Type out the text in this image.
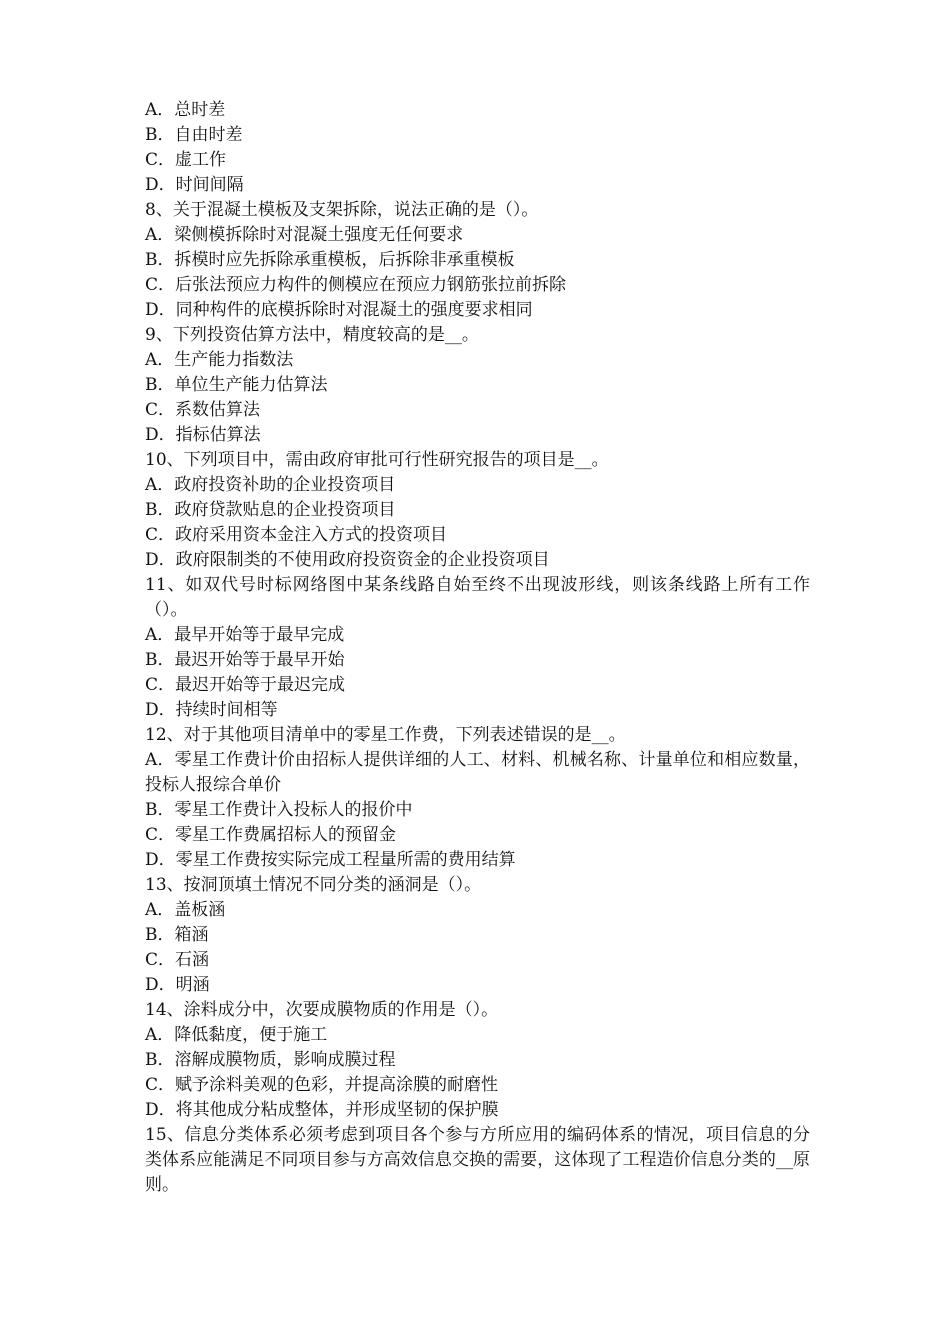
A．总时差

B．自由时差

C．虚工作

D．时间间隔

8、关于混凝土模板及支架拆除，说法正确的是（）。

A．梁侧模拆除时对混凝土强度无任何要求

B．拆模时应先拆除承重模板，后拆除非承重模板

C．后张法预应力构件的侧模应在预应力钢筋张拉前拆除

D．同种构件的底模拆除时对混凝土的强度要求相同

9、下列投资估算方法中，精度较高的是__。

A．生产能力指数法

B．单位生产能力估算法

C．系数估算法

D．指标估算法

10、下列项目中，需由政府审批可行性研究报告的项目是__。

A．政府投资补助的企业投资项目

B．政府贷款贴息的企业投资项目

C．政府采用资本金注入方式的投资项目

D．政府限制类的不使用政府投资资金的企业投资项目

11、如双代号时标网络图中某条线路自始至终不出现波形线，则该条线路上所有工作（）。

A．最早开始等于最早完成

B．最迟开始等于最早开始

C．最迟开始等于最迟完成

D．持续时间相等

12、对于其他项目清单中的零星工作费，下列表述错误的是__。

A．零星工作费计价由招标人提供详细的人工、材料、机械名称、计量单位和相应数量，投标人报综合单价

B．零星工作费计入投标人的报价中

C．零星工作费属招标人的预留金

D．零星工作费按实际完成工程量所需的费用结算

13、按洞顶填土情况不同分类的涵洞是（）。

A．盖板涵

B．箱涵

C．石涵

D．明涵

14、涂料成分中，次要成膜物质的作用是（）。

A．降低黏度，便于施工

B．溶解成膜物质，影响成膜过程

C．赋予涂料美观的色彩，并提高涂膜的耐磨性

D．将其他成分粘成整体，并形成坚韧的保护膜

15、信息分类体系必须考虑到项目各个参与方所应用的编码体系的情况，项目信息的分类体系应能满足不同项目参与方高效信息交换的需要，这体现了工程造价信息分类的__原则。
